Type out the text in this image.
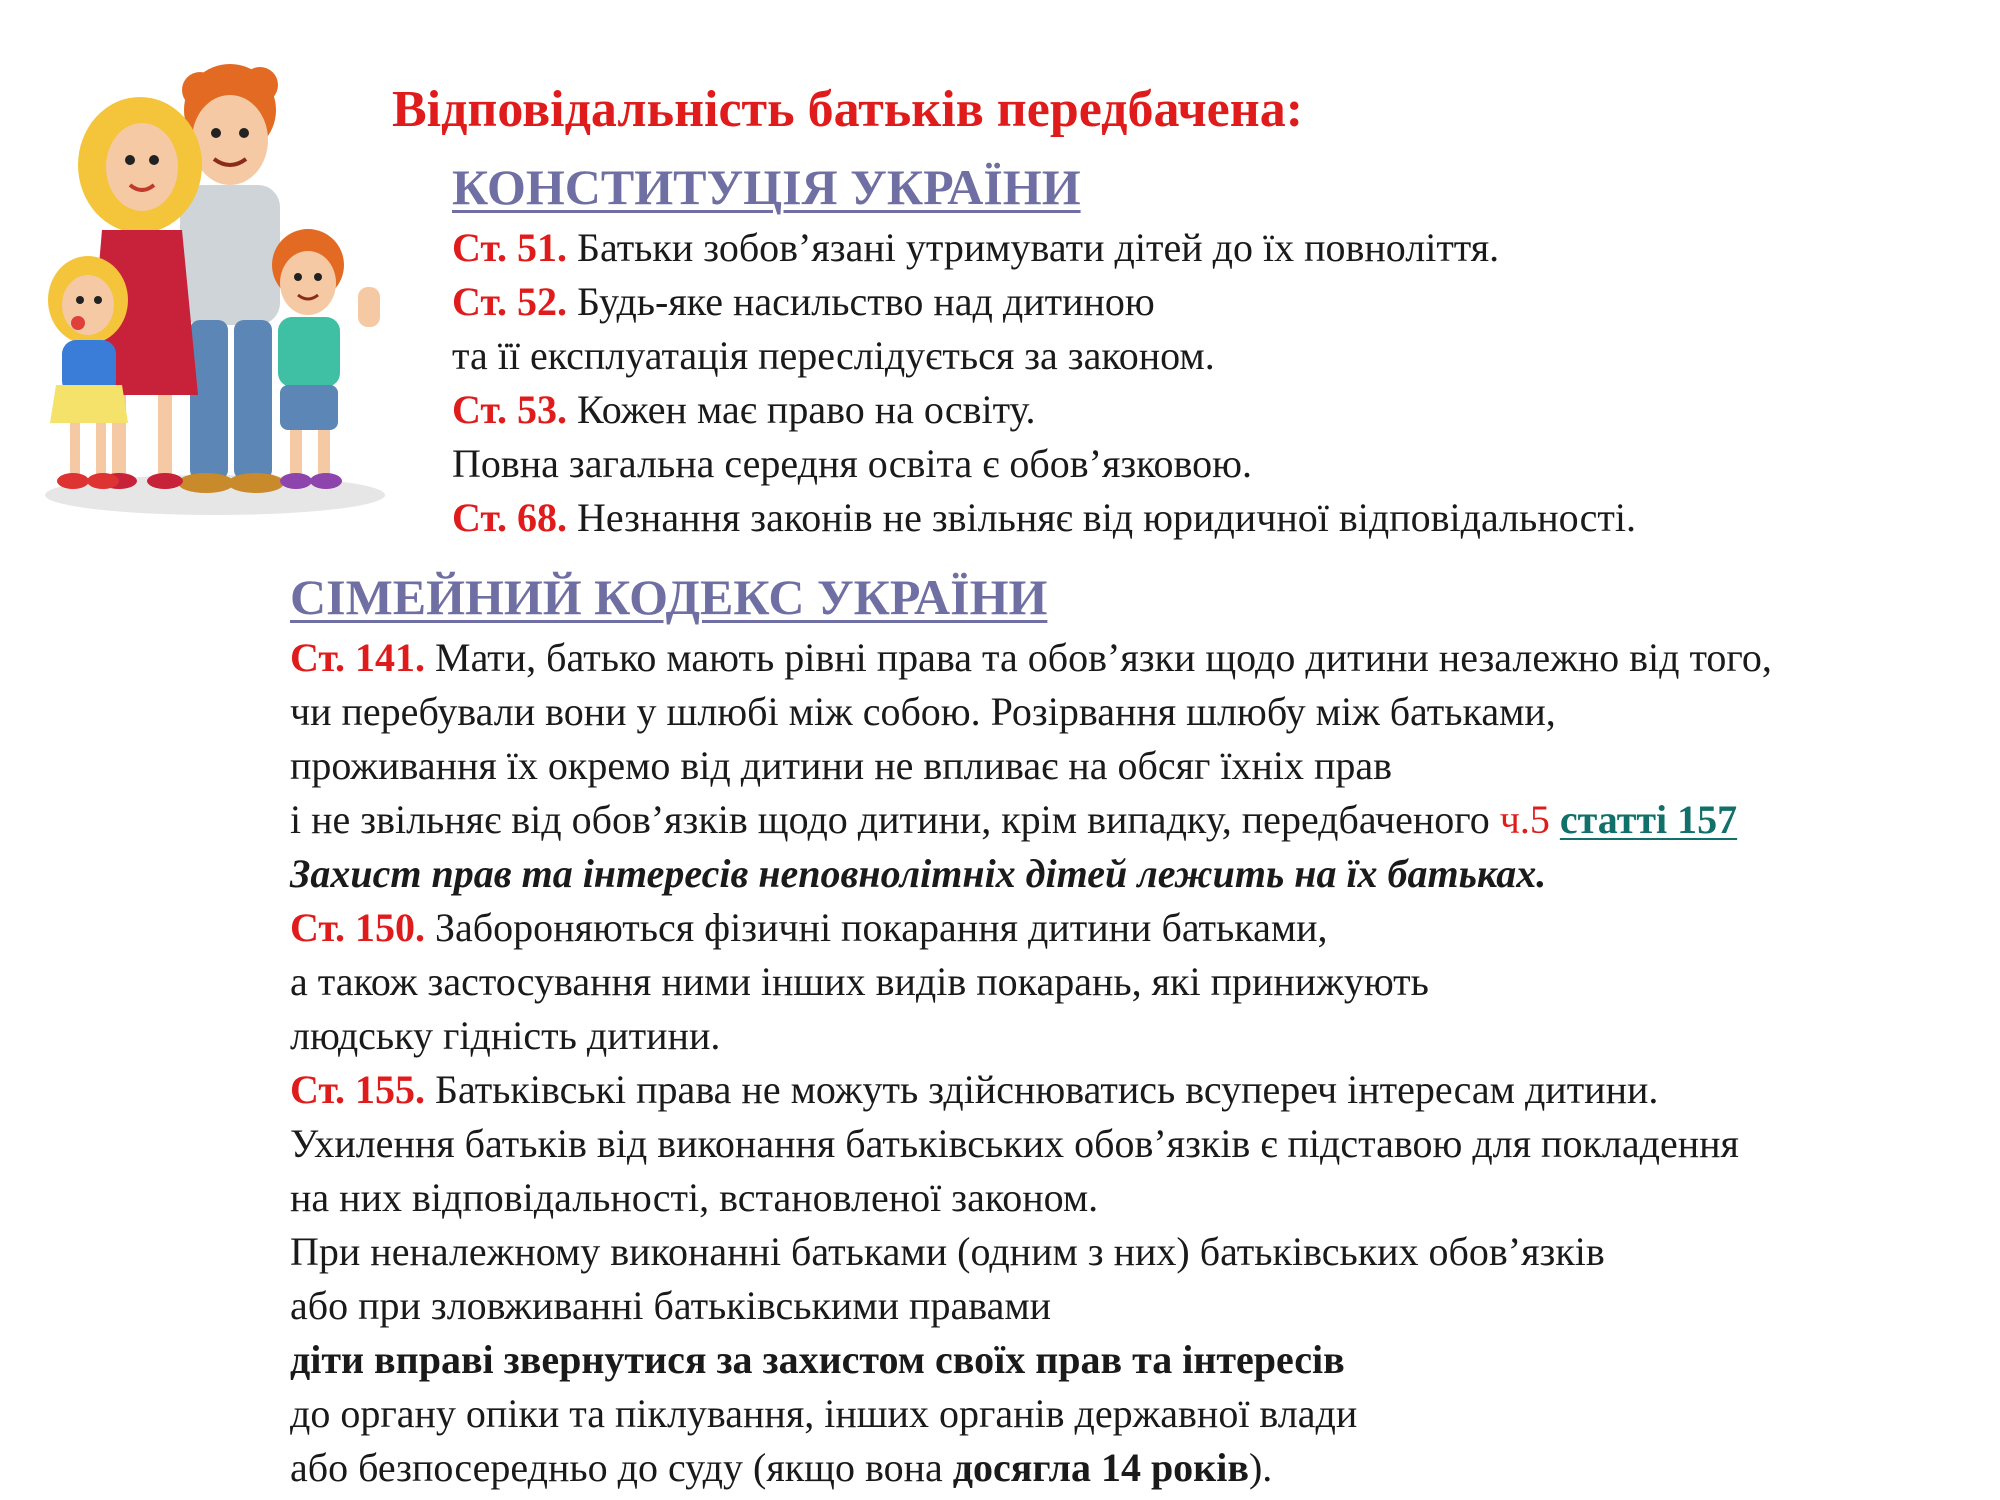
Відповідальність батьків передбачена:
КОНСТИТУЦІЯ УКРАЇНИ
Ст. 51. Батьки зобов’язані утримувати дітей до їх повноліття.
Ст. 52. Будь-яке насильство над дитиною
та її експлуатація переслідується за законом.
Ст. 53. Кожен має право на освіту.
Повна загальна середня освіта є обов’язковою.
Ст. 68. Незнання законів не звільняє від юридичної відповідальності.
СІМЕЙНИЙ КОДЕКС УКРАЇНИ
Ст. 141. Мати, батько мають рівні права та обов’язки щодо дитини незалежно від того,
чи перебували вони у шлюбі між собою. Розірвання шлюбу між батьками,
проживання їх окремо від дитини не впливає на обсяг їхніх прав
і не звільняє від обов’язків щодо дитини, крім випадку, передбаченого ч.5 статті 157
Захист прав та інтересів неповнолітніх дітей лежить на їх батьках.
Ст. 150. Забороняються фізичні покарання дитини батьками,
а також застосування ними інших видів покарань, які принижують
людську гідність дитини.
Ст. 155. Батьківські права не можуть здійснюватись всупереч інтересам дитини.
Ухилення батьків від виконання батьківських обов’язків є підставою для покладення
на них відповідальності, встановленої законом.
При неналежному виконанні батьками (одним з них) батьківських обов’язків
або при зловживанні батьківськими правами
діти вправі звернутися за захистом своїх прав та інтересів
до органу опіки та піклування, інших органів державної влади
або безпосередньо до суду (якщо вона досягла 14 років).
